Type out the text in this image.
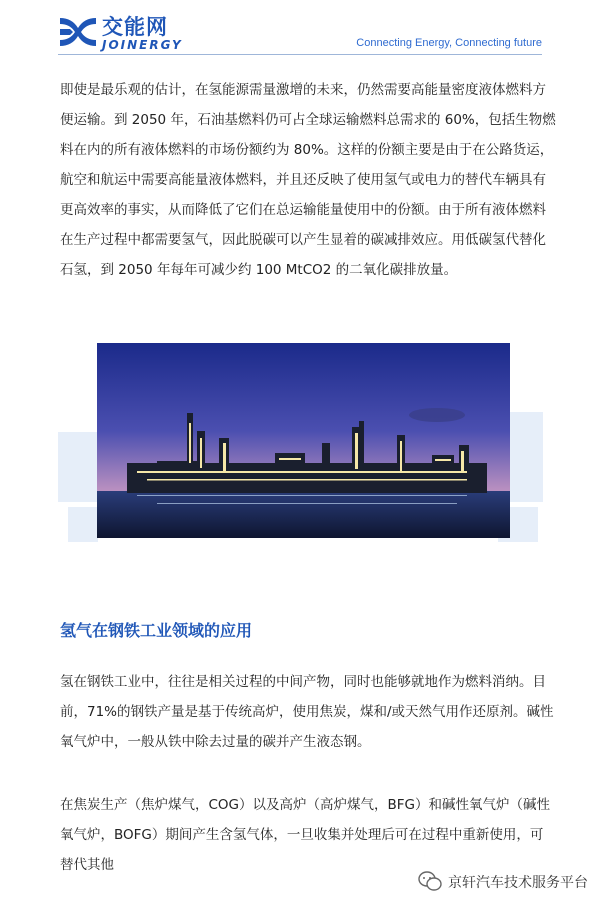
交能网
JOINERGY	Connecting Energy, Connecting future
即使是最乐观的估计，在氢能源需量激增的未来，仍然需要高能量密度液体燃料方便运输。到 2050 年，石油基燃料仍可占全球运输燃料总需求的 60%，包括生物燃料在内的所有液体燃料的市场份额约为 80%。这样的份额主要是由于在公路货运，航空和航运中需要高能量液体燃料，并且还反映了使用氢气或电力的替代车辆具有更高效率的事实，从而降低了它们在总运输能量使用中的份额。由于所有液体燃料在生产过程中都需要氢气，因此脱碳可以产生显着的碳减排效应。用低碳氢代替化石氢，到 2050 年每年可减少约 100 MtCO2 的二氧化碳排放量。
氢气在钢铁工业领域的应用
氢在钢铁工业中，往往是相关过程的中间产物，同时也能够就地作为燃料消纳。目前，71%的钢铁产量是基于传统高炉，使用焦炭，煤和/或天然气用作还原剂。碱性氧气炉中，一般从铁中除去过量的碳并产生液态钢。
在焦炭生产（焦炉煤气，COG）以及高炉（高炉煤气，BFG）和碱性氧气炉（碱性氧气炉，BOFG）期间产生含氢气体，一旦收集并处理后可在过程中重新使用，可替代其他
京轩汽车技术服务平台
